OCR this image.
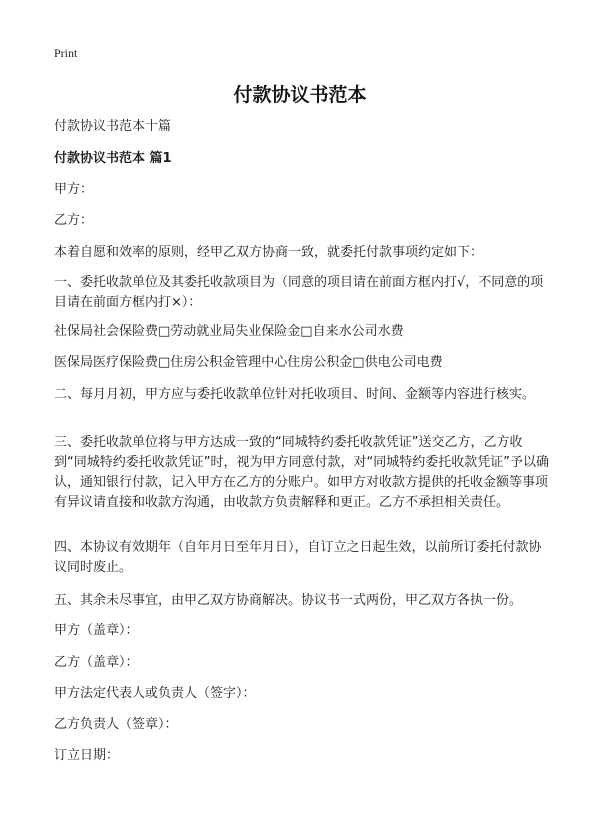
Print
付款协议书范本
付款协议书范本十篇
付款协议书范本 篇1
甲方：
乙方：
本着自愿和效率的原则，经甲乙双方协商一致，就委托付款事项约定如下：
一、委托收款单位及其委托收款项目为（同意的项目请在前面方框内打√，不同意的项目请在前面方框内打×）：
社保局社会保险费□劳动就业局失业保险金□自来水公司水费
医保局医疗保险费□住房公积金管理中心住房公积金□供电公司电费
二、每月月初，甲方应与委托收款单位针对托收项目、时间、金额等内容进行核实。
三、委托收款单位将与甲方达成一致的“同城特约委托收款凭证”送交乙方，乙方收到“同城特约委托收款凭证”时，视为甲方同意付款，对“同城特约委托收款凭证”予以确认，通知银行付款，记入甲方在乙方的分账户。如甲方对收款方提供的托收金额等事项有异议请直接和收款方沟通，由收款方负责解释和更正。乙方不承担相关责任。
四、本协议有效期年（自年月日至年月日），自订立之日起生效，以前所订委托付款协议同时废止。
五、其余未尽事宜，由甲乙双方协商解决。协议书一式两份，甲乙双方各执一份。
甲方（盖章）：
乙方（盖章）：
甲方法定代表人或负责人（签字）：
乙方负责人（签章）：
订立日期：
